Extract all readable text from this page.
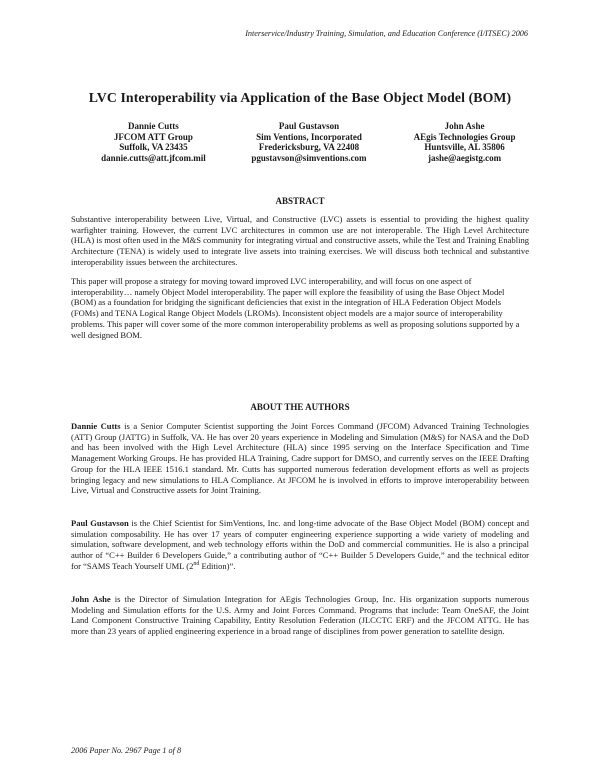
Interservice/Industry Training, Simulation, and Education Conference (I/ITSEC) 2006
LVC Interoperability via Application of the Base Object Model (BOM)
Dannie Cutts
JFCOM ATT Group
Suffolk, VA 23435
dannie.cutts@att.jfcom.mil
Paul Gustavson
Sim Ventions, Incorporated
Fredericksburg, VA 22408
pgustavson@simventions.com
John Ashe
AEgis Technologies Group
Huntsville, AL 35806
jashe@aegistg.com
ABSTRACT
Substantive interoperability between Live, Virtual, and Constructive (LVC) assets is essential to providing the highest quality warfighter training. However, the current LVC architectures in common use are not interoperable. The High Level Architecture (HLA) is most often used in the M&S community for integrating virtual and constructive assets, while the Test and Training Enabling Architecture (TENA) is widely used to integrate live assets into training exercises. We will discuss both technical and substantive interoperability issues between the architectures.
This paper will propose a strategy for moving toward improved LVC interoperability, and will focus on one aspect of interoperability… namely Object Model interoperability. The paper will explore the feasibility of using the Base Object Model (BOM) as a foundation for bridging the significant deficiencies that exist in the integration of HLA Federation Object Models (FOMs) and TENA Logical Range Object Models (LROMs). Inconsistent object models are a major source of interoperability problems. This paper will cover some of the more common interoperability problems as well as proposing solutions supported by a well designed BOM.
ABOUT THE AUTHORS
Dannie Cutts is a Senior Computer Scientist supporting the Joint Forces Command (JFCOM) Advanced Training Technologies (ATT) Group (JATTG) in Suffolk, VA. He has over 20 years experience in Modeling and Simulation (M&S) for NASA and the DoD and has been involved with the High Level Architecture (HLA) since 1995 serving on the Interface Specification and Time Management Working Groups. He has provided HLA Training, Cadre support for DMSO, and currently serves on the IEEE Drafting Group for the HLA IEEE 1516.1 standard. Mr. Cutts has supported numerous federation development efforts as well as projects bringing legacy and new simulations to HLA Compliance. At JFCOM he is involved in efforts to improve interoperability between Live, Virtual and Constructive assets for Joint Training.
Paul Gustavson is the Chief Scientist for SimVentions, Inc. and long-time advocate of the Base Object Model (BOM) concept and simulation composability. He has over 17 years of computer engineering experience supporting a wide variety of modeling and simulation, software development, and web technology efforts within the DoD and commercial communities. He is also a principal author of “C++ Builder 6 Developers Guide,” a contributing author of “C++ Builder 5 Developers Guide,” and the technical editor for “SAMS Teach Yourself UML (2nd Edition)”.
John Ashe is the Director of Simulation Integration for AEgis Technologies Group, Inc. His organization supports numerous Modeling and Simulation efforts for the U.S. Army and Joint Forces Command. Programs that include: Team OneSAF, the Joint Land Component Constructive Training Capability, Entity Resolution Federation (JLCCTC ERF) and the JFCOM ATTG. He has more than 23 years of applied engineering experience in a broad range of disciplines from power generation to satellite design.
2006 Paper No. 2967 Page 1 of 8
